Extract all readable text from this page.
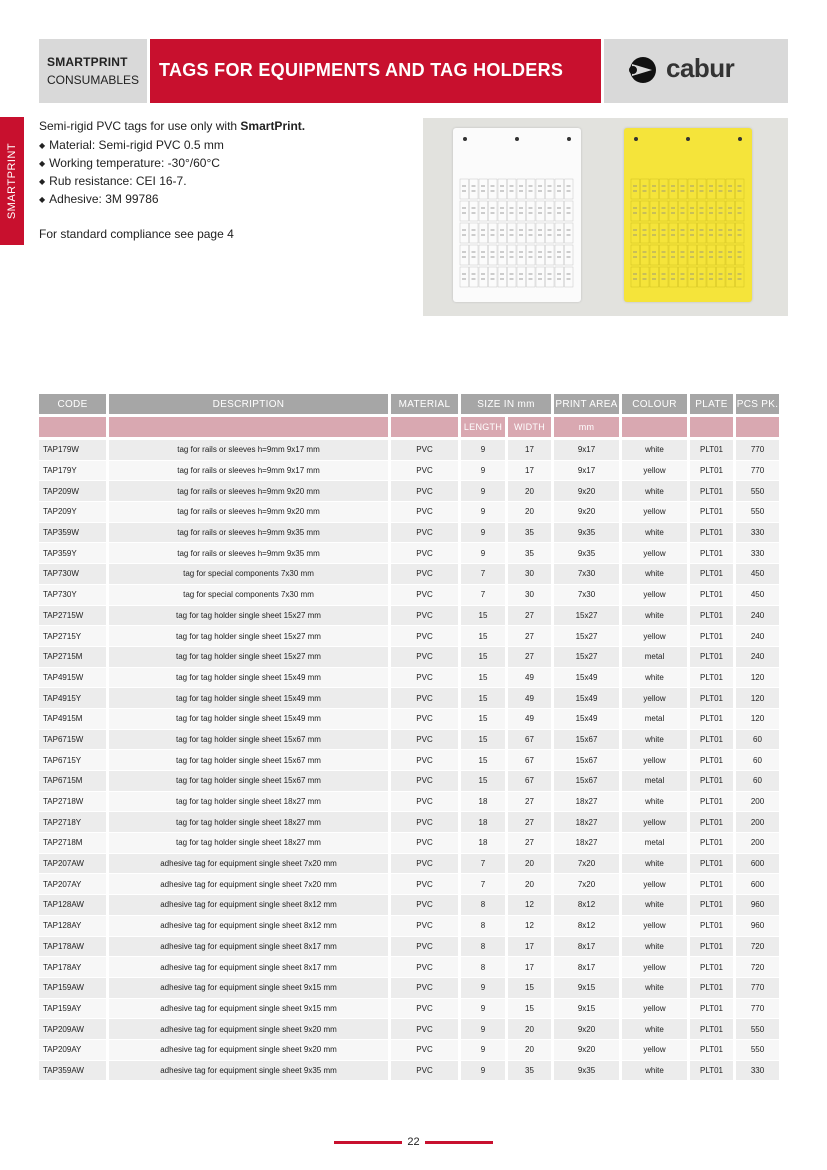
SMARTPRINT
CONSUMABLES TAGS FOR EQUIPMENTS AND TAG HOLDERS	cabur
SMARTPRINT
Semi-rigid PVC tags for use only with SmartPrint.
◆ Material: Semi-rigid PVC 0.5 mm
◆ Working temperature: -30°/60°C
◆ Rub resistance: CEI 16-7.
◆ Adhesive: 3M 99786
For standard compliance see page 4
CODE	DESCRIPTION	MATERIAL	SIZE IN mm		PRINT AREA	COLOUR	PLATE	PCS PK.

			LENGTH	WIDTH	mm			

TAP179W	tag for rails or sleeves h=9mm 9x17 mm	PVC	9	17	9x17	white	PLT01	770
TAP179Y	tag for rails or sleeves h=9mm 9x17 mm	PVC	9	17	9x17	yellow	PLT01	770
TAP209W	tag for rails or sleeves h=9mm 9x20 mm	PVC	9	20	9x20	white	PLT01	550
TAP209Y	tag for rails or sleeves h=9mm 9x20 mm	PVC	9	20	9x20	yellow	PLT01	550
TAP359W	tag for rails or sleeves h=9mm 9x35 mm	PVC	9	35	9x35	white	PLT01	330
TAP359Y	tag for rails or sleeves h=9mm 9x35 mm	PVC	9	35	9x35	yellow	PLT01	330
TAP730W	tag for special components 7x30 mm	PVC	7	30	7x30	white	PLT01	450
TAP730Y	tag for special components 7x30 mm	PVC	7	30	7x30	yellow	PLT01	450
TAP2715W	tag for tag holder single sheet 15x27 mm	PVC	15	27	15x27	white	PLT01	240
TAP2715Y	tag for tag holder single sheet 15x27 mm	PVC	15	27	15x27	yellow	PLT01	240
TAP2715M	tag for tag holder single sheet 15x27 mm	PVC	15	27	15x27	metal	PLT01	240
TAP4915W	tag for tag holder single sheet 15x49 mm	PVC	15	49	15x49	white	PLT01	120
TAP4915Y	tag for tag holder single sheet 15x49 mm	PVC	15	49	15x49	yellow	PLT01	120
TAP4915M	tag for tag holder single sheet 15x49 mm	PVC	15	49	15x49	metal	PLT01	120
TAP6715W	tag for tag holder single sheet 15x67 mm	PVC	15	67	15x67	white	PLT01	60
TAP6715Y	tag for tag holder single sheet 15x67 mm	PVC	15	67	15x67	yellow	PLT01	60
TAP6715M	tag for tag holder single sheet 15x67 mm	PVC	15	67	15x67	metal	PLT01	60
TAP2718W	tag for tag holder single sheet 18x27 mm	PVC	18	27	18x27	white	PLT01	200
TAP2718Y	tag for tag holder single sheet 18x27 mm	PVC	18	27	18x27	yellow	PLT01	200
TAP2718M	tag for tag holder single sheet 18x27 mm	PVC	18	27	18x27	metal	PLT01	200
TAP207AW	adhesive tag for equipment single sheet 7x20 mm	PVC	7	20	7x20	white	PLT01	600
TAP207AY	adhesive tag for equipment single sheet 7x20 mm	PVC	7	20	7x20	yellow	PLT01	600
TAP128AW	adhesive tag for equipment single sheet 8x12 mm	PVC	8	12	8x12	white	PLT01	960
TAP128AY	adhesive tag for equipment single sheet 8x12 mm	PVC	8	12	8x12	yellow	PLT01	960
TAP178AW	adhesive tag for equipment single sheet 8x17 mm	PVC	8	17	8x17	white	PLT01	720
TAP178AY	adhesive tag for equipment single sheet 8x17 mm	PVC	8	17	8x17	yellow	PLT01	720
TAP159AW	adhesive tag for equipment single sheet 9x15 mm	PVC	9	15	9x15	white	PLT01	770
TAP159AY	adhesive tag for equipment single sheet 9x15 mm	PVC	9	15	9x15	yellow	PLT01	770
TAP209AW	adhesive tag for equipment single sheet 9x20 mm	PVC	9	20	9x20	white	PLT01	550
TAP209AY	adhesive tag for equipment single sheet 9x20 mm	PVC	9	20	9x20	yellow	PLT01	550
TAP359AW	adhesive tag for equipment single sheet 9x35 mm	PVC	9	35	9x35	white	PLT01	330
22
